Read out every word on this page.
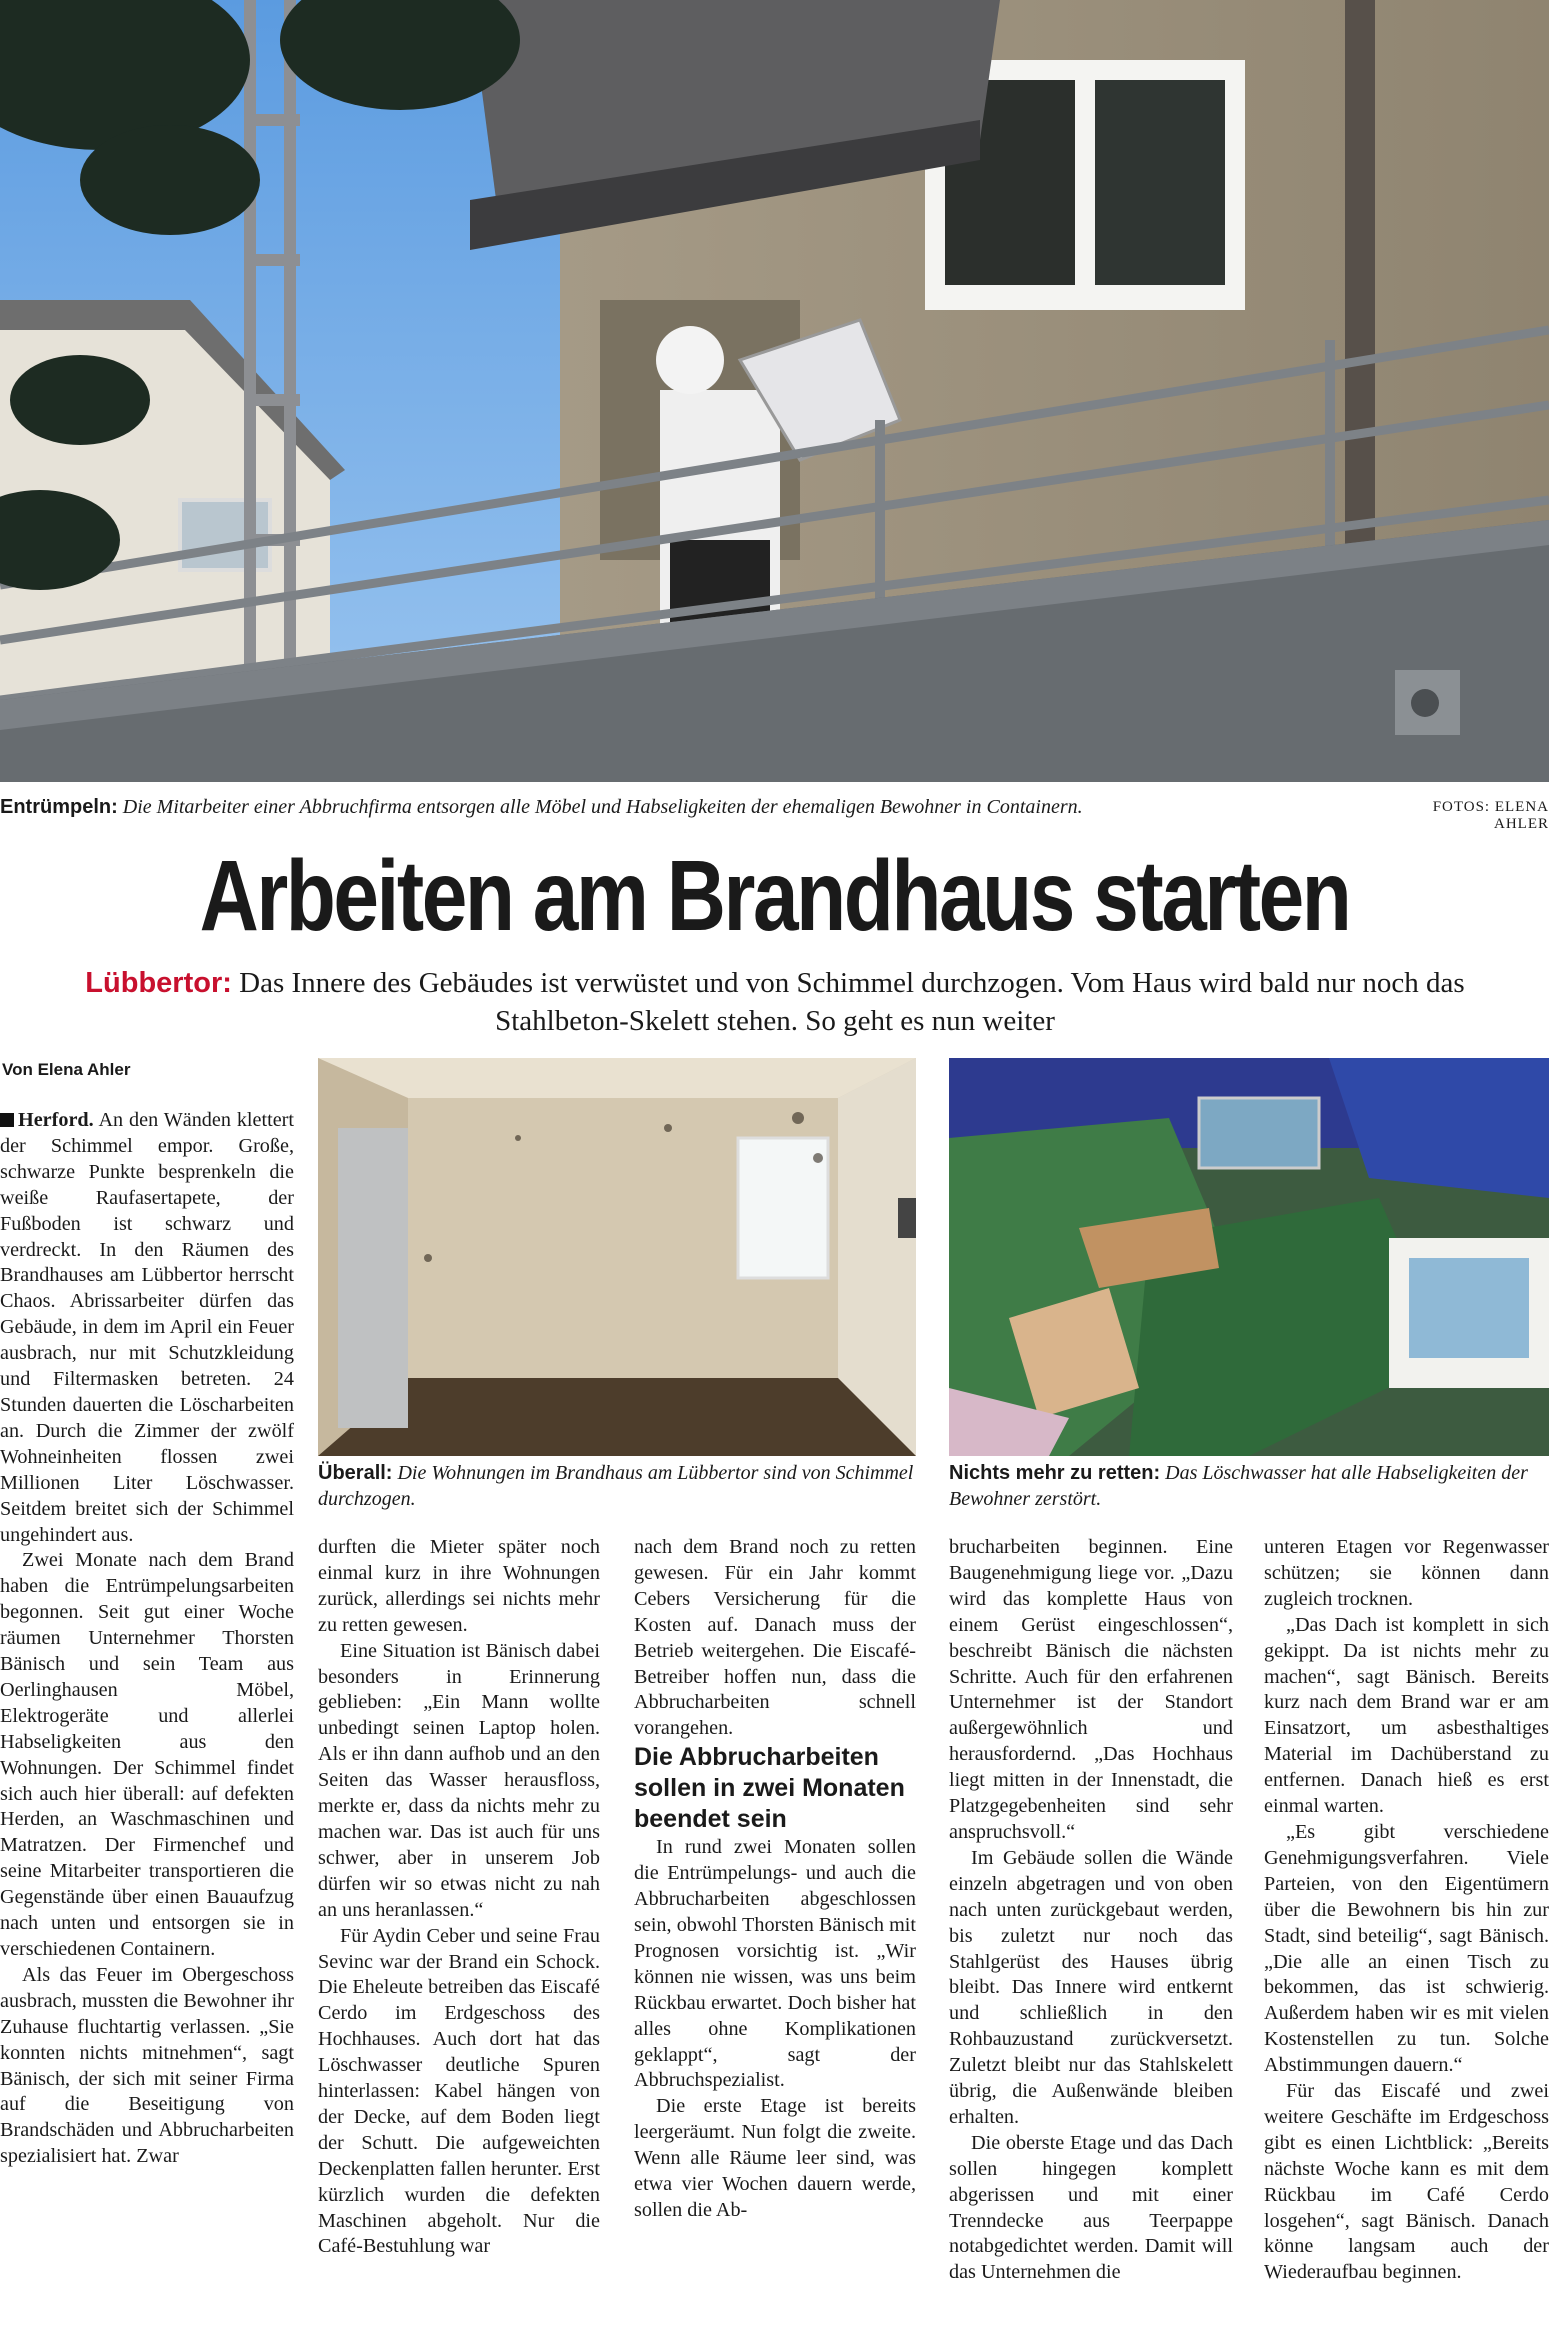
Entrümpeln: Die Mitarbeiter einer Abbruchfirma entsorgen alle Möbel und Habseligkeiten der ehemaligen Bewohner in Containern.	FOTOS: ELENA AHLER
Arbeiten am Brandhaus starten
Lübbertor: Das Innere des Gebäudes ist verwüstet und von Schimmel durchzogen. Vom Haus wird bald nur noch das Stahlbeton-Skelett stehen. So geht es nun weiter
Von Elena Ahler
Überall: Die Wohnungen im Brandhaus am Lübbertor sind von Schimmel durchzogen.
Nichts mehr zu retten: Das Löschwasser hat alle Habseligkeiten der Bewohner zerstört.

Herford. An den Wänden klettert der Schimmel empor. Große, schwarze Punkte besprenkeln die weiße Raufasertapete, der Fußboden ist schwarz und verdreckt. In den Räumen des Brandhauses am Lübbertor herrscht Chaos. Abrissarbeiter dürfen das Gebäude, in dem im April ein Feuer ausbrach, nur mit Schutzkleidung und Filtermasken betreten. 24 Stunden dauerten die Löscharbeiten an. Durch die Zimmer der zwölf Wohneinheiten flossen zwei Millionen Liter Löschwasser. Seitdem breitet sich der Schimmel ungehindert aus.

Zwei Monate nach dem Brand haben die Entrümpelungsarbeiten begonnen. Seit gut einer Woche räumen Unternehmer Thorsten Bänisch und sein Team aus Oerlinghausen Möbel, Elektrogeräte und allerlei Habseligkeiten aus den Wohnungen. Der Schimmel findet sich auch hier überall: auf defekten Herden, an Waschmaschinen und Matratzen. Der Firmenchef und seine Mitarbeiter transportieren die Gegenstände über einen Bauaufzug nach unten und entsorgen sie in verschiedenen Containern.

Als das Feuer im Obergeschoss ausbrach, mussten die Bewohner ihr Zuhause fluchtartig verlassen. „Sie konnten nichts mitnehmen“, sagt Bänisch, der sich mit seiner Firma auf die Beseitigung von Brandschäden und Abbrucharbeiten spezialisiert hat. Zwar

durften die Mieter später noch einmal kurz in ihre Wohnungen zurück, allerdings sei nichts mehr zu retten gewesen.

Eine Situation ist Bänisch dabei besonders in Erinnerung geblieben: „Ein Mann wollte unbedingt seinen Laptop holen. Als er ihn dann aufhob und an den Seiten das Wasser herausfloss, merkte er, dass da nichts mehr zu machen war. Das ist auch für uns schwer, aber in unserem Job dürfen wir so etwas nicht zu nah an uns heranlassen.“

Für Aydin Ceber und seine Frau Sevinc war der Brand ein Schock. Die Eheleute betreiben das Eiscafé Cerdo im Erdgeschoss des Hochhauses. Auch dort hat das Löschwasser deutliche Spuren hinterlassen: Kabel hängen von der Decke, auf dem Boden liegt der Schutt. Die aufgeweichten Deckenplatten fallen herunter. Erst kürzlich wurden die defekten Maschinen abgeholt. Nur die Café-Bestuhlung war

nach dem Brand noch zu retten gewesen. Für ein Jahr kommt Cebers Versicherung für die Kosten auf. Danach muss der Betrieb weitergehen. Die Eiscafé-Betreiber hoffen nun, dass die Abbrucharbeiten schnell vorangehen.

Die Abbrucharbeiten sollen in zwei Monaten beendet sein

In rund zwei Monaten sollen die Entrümpelungs- und auch die Abbrucharbeiten abgeschlossen sein, obwohl Thorsten Bänisch mit Prognosen vorsichtig ist. „Wir können nie wissen, was uns beim Rückbau erwartet. Doch bisher hat alles ohne Komplikationen geklappt“, sagt der Abbruchspezialist.

Die erste Etage ist bereits leergeräumt. Nun folgt die zweite. Wenn alle Räume leer sind, was etwa vier Wochen dauern werde, sollen die Ab-

brucharbeiten beginnen. Eine Baugenehmigung liege vor. „Dazu wird das komplette Haus von einem Gerüst eingeschlossen“, beschreibt Bänisch die nächsten Schritte. Auch für den erfahrenen Unternehmer ist der Standort außergewöhnlich und herausfordernd. „Das Hochhaus liegt mitten in der Innenstadt, die Platzgegebenheiten sind sehr anspruchsvoll.“

Im Gebäude sollen die Wände einzeln abgetragen und von oben nach unten zurückgebaut werden, bis zuletzt nur noch das Stahlgerüst des Hauses übrig bleibt. Das Innere wird entkernt und schließlich in den Rohbauzustand zurückversetzt. Zuletzt bleibt nur das Stahlskelett übrig, die Außenwände bleiben erhalten.

Die oberste Etage und das Dach sollen hingegen komplett abgerissen und mit einer Trenndecke aus Teerpappe notabgedichtet werden. Damit will das Unternehmen die

unteren Etagen vor Regenwasser schützen; sie können dann zugleich trocknen.

„Das Dach ist komplett in sich gekippt. Da ist nichts mehr zu machen“, sagt Bänisch. Bereits kurz nach dem Brand war er am Einsatzort, um asbesthaltiges Material im Dachüberstand zu entfernen. Danach hieß es erst einmal warten.

„Es gibt verschiedene Genehmigungsverfahren. Viele Parteien, von den Eigentümern über die Bewohnern bis hin zur Stadt, sind beteilig“, sagt Bänisch. „Die alle an einen Tisch zu bekommen, das ist schwierig. Außerdem haben wir es mit vielen Kostenstellen zu tun. Solche Abstimmungen dauern.“

Für das Eiscafé und zwei weitere Geschäfte im Erdgeschoss gibt es einen Lichtblick: „Bereits nächste Woche kann es mit dem Rückbau im Café Cerdo losgehen“, sagt Bänisch. Danach könne langsam auch der Wiederaufbau beginnen.
